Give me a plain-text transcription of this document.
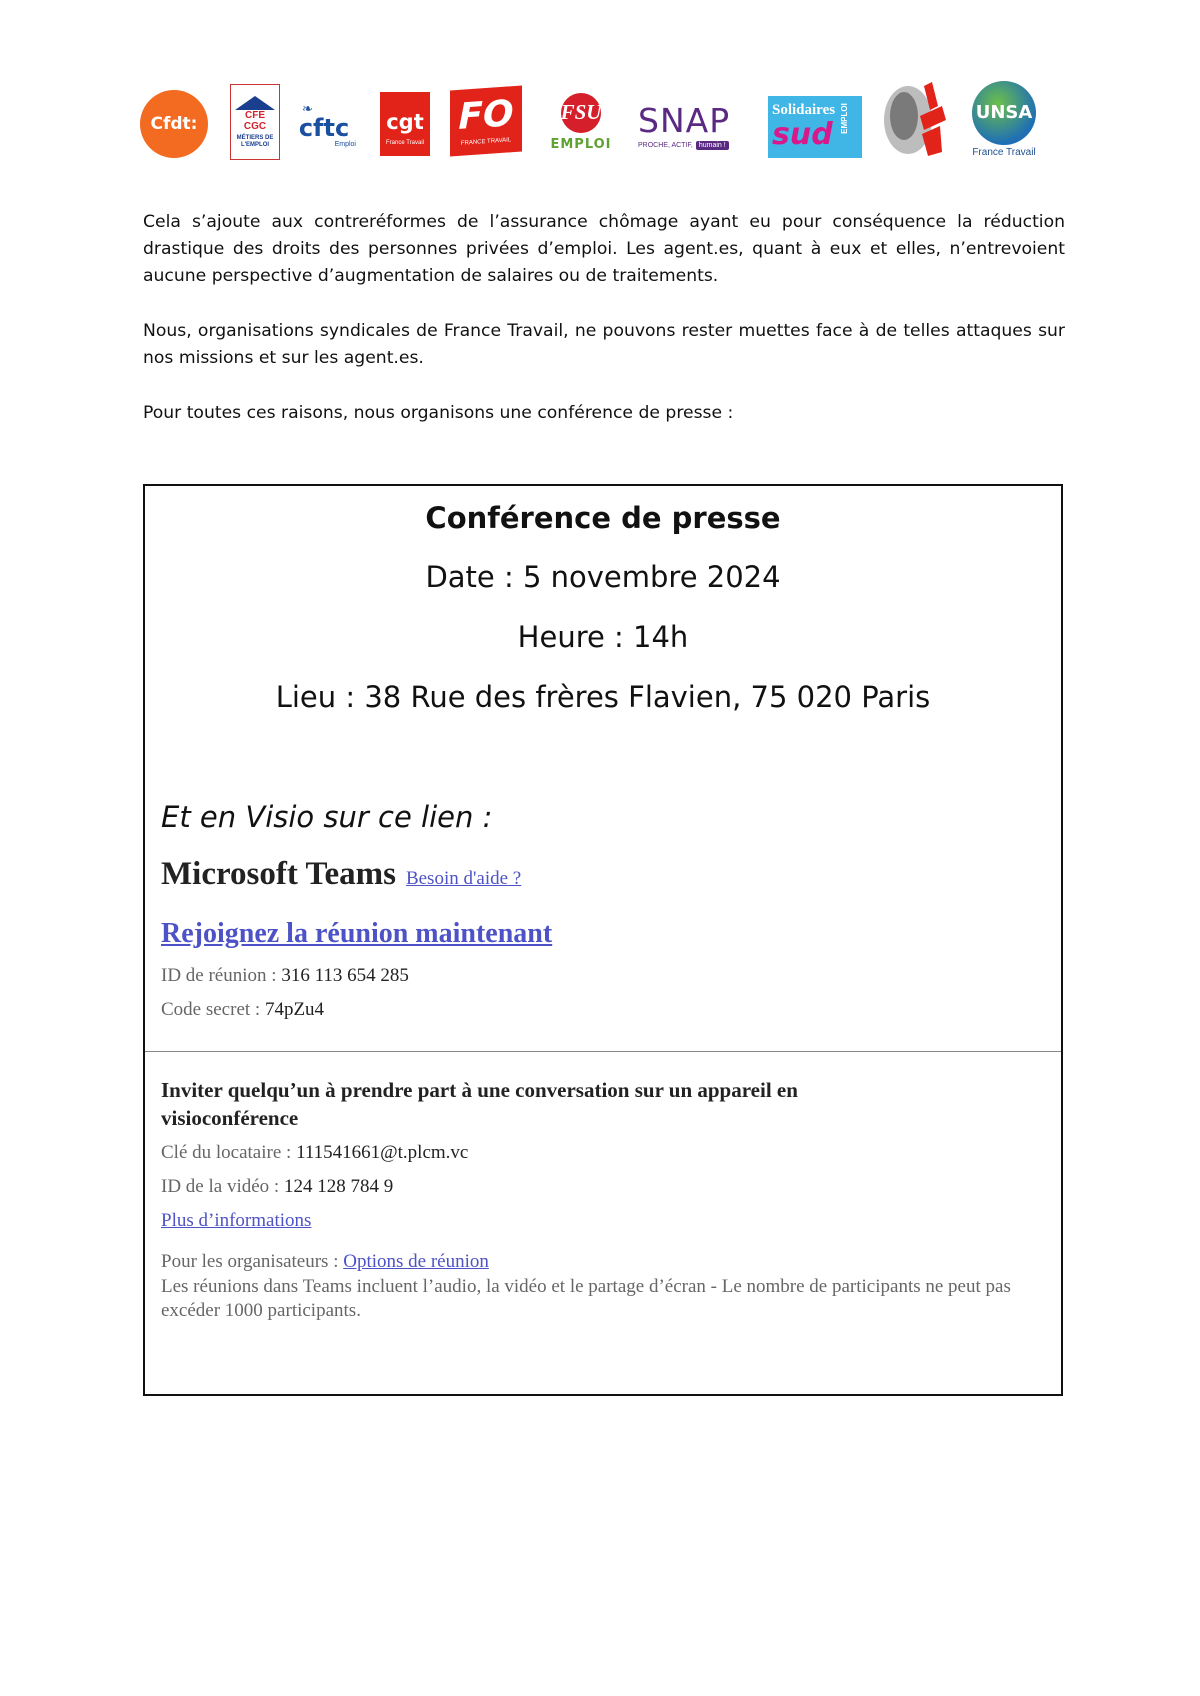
Cfdt:	CFE CGC
MÉTIERS DE L'EMPLOI
❧
cftc
Emploi
cgt
France Travail
FO
FRANCE TRAVAIL
FSU
EMPLOI
SNAP
PROCHE, ACTIF, humain !
Solidaires
sud EMPLOI	UNSA
France Travail

Cela s’ajoute aux contreréformes de l’assurance chômage ayant eu pour conséquence la réduction drastique des droits des personnes privées d’emploi. Les agent.es, quant à eux et elles, n’entrevoient aucune perspective d’augmentation de salaires ou de traitements.

Nous, organisations syndicales de France Travail, ne pouvons rester muettes face à de telles attaques sur nos missions et sur les agent.es.

Pour toutes ces raisons, nous organisons une conférence de presse :

Conférence de presse
Date : 5 novembre 2024
Heure : 14h
Lieu : 38 Rue des frères Flavien, 75 020 Paris
Et en Visio sur ce lien :
Microsoft Teams Besoin d'aide ?
Rejoignez la réunion maintenant
ID de réunion : 316 113 654 285
Code secret : 74pZu4
Inviter quelqu’un à prendre part à une conversation sur un appareil en visioconférence
Clé du locataire : 111541661@t.plcm.vc
ID de la vidéo : 124 128 784 9
Plus d’informations
Pour les organisateurs : Options de réunion
Les réunions dans Teams incluent l’audio, la vidéo et le partage d’écran - Le nombre de participants ne peut pas excéder 1000 participants.
